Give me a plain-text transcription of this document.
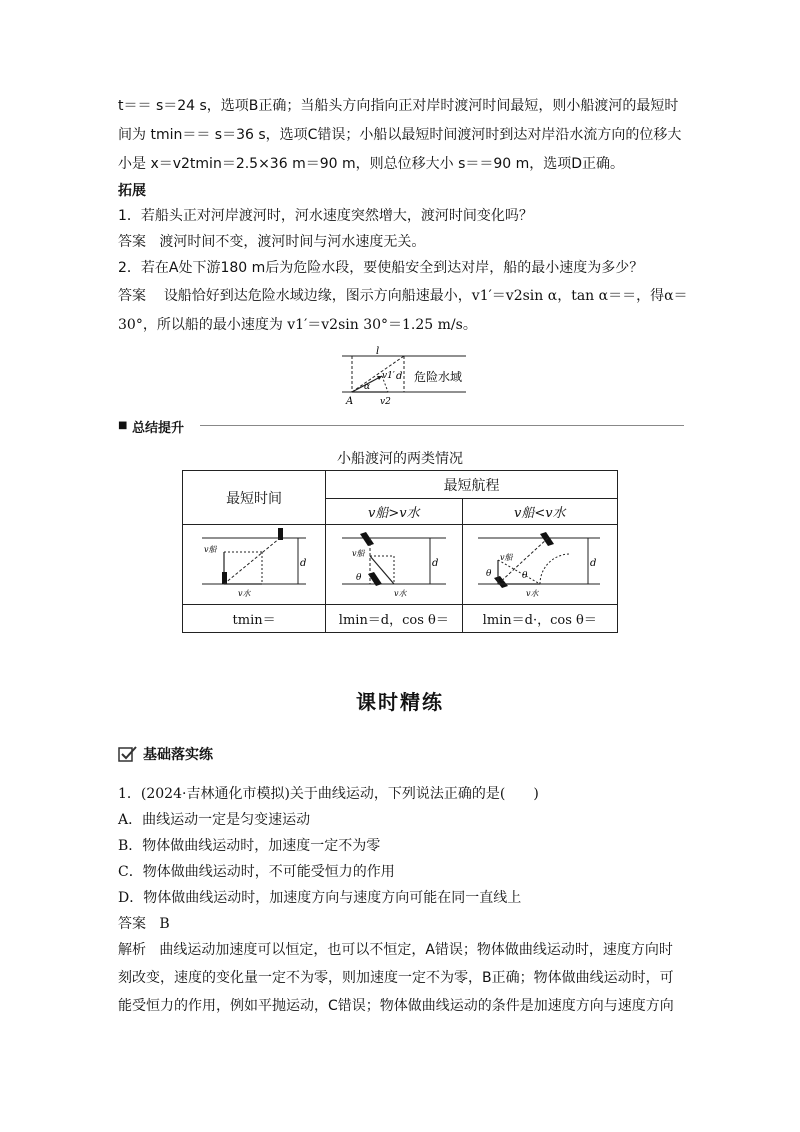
t＝＝ s＝24 s，选项B正确；当船头方向指向正对岸时渡河时间最短，则小船渡河的最短时
间为 tmin＝＝ s＝36 s，选项C错误；小船以最短时间渡河时到达对岸沿水流方向的位移大
小是 x＝v2tmin＝2.5×36 m＝90 m，则总位移大小 s＝＝90 m，选项D正确。
拓展
1．若船头正对河岸渡河时，河水速度突然增大，渡河时间变化吗？
答案 渡河时间不变，渡河时间与河水速度无关。
2．若在A处下游180 m后为危险水段，要使船安全到达对岸，船的最小速度为多少？
答案 设船恰好到达危险水域边缘，图示方向船速最小，v1′＝v2sin α，tan α＝＝，得α＝
30°，所以船的最小速度为 v1′＝v2sin 30°＝1.25 m/s。
l
v1′ d
α
A	v2
危险水域
■ 总结提升
小船渡河的两类情况
最短时间	最短航程	
	v船>v水	v船<v水

v船
v水
d	v船
θ
v水
d	v船
θ θ
v水
d

tmin＝	lmin＝d，cos θ＝	lmin＝d·，cos θ＝
课时精练
基础落实练
1．(2024·吉林通化市模拟)关于曲线运动，下列说法正确的是(　　)
A．曲线运动一定是匀变速运动
B．物体做曲线运动时，加速度一定不为零
C．物体做曲线运动时，不可能受恒力的作用
D．物体做曲线运动时，加速度方向与速度方向可能在同一直线上
答案 B
解析 曲线运动加速度可以恒定，也可以不恒定，A错误；物体做曲线运动时，速度方向时
刻改变，速度的变化量一定不为零，则加速度一定不为零，B正确；物体做曲线运动时，可
能受恒力的作用，例如平抛运动，C错误；物体做曲线运动的条件是加速度方向与速度方向
